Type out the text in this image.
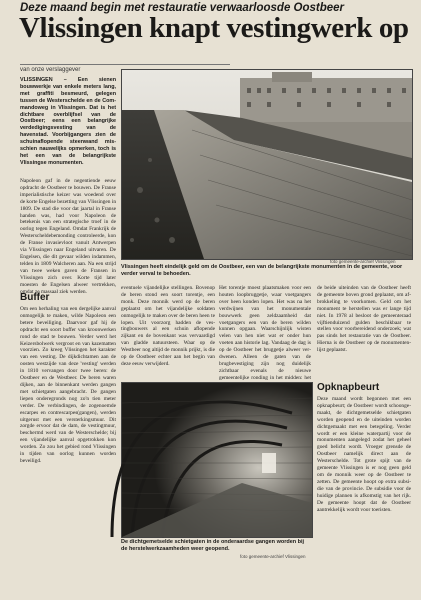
Deze maand begin met restauratie verwaarloosde Oostbeer
Vlissingen knapt vestingwerk op
van onze verslaggever
VLISSINGEN – Een sienen bouwwerkje van enkele meters lang, met graffiti besmeurd, gelegen tussen de Westerschelde en de Commandoweg in Vlissingen. Dat is het dichtbare overblijfsel van de Oostbeer; eens een belangrijke verdedigingsvesting van de havenstad. Voorbijgangers zien de schuinaflopende steenwand misschien nauwelijks opmerken, toch is het een van de belangrijkste Vlissingse monumenten.
Napoleon gaf in de negentiende eeuw opdracht de Oostbeer te bouwen. De Franse imperialistische keizer was woedend over de korte Engelse bezetting van Vlissingen in 1809. De stad die voor dat jaartal in Franse handen was, had voor Napoleon de betekenis van een strategische troef in de oorlog tegen Engeland. Omdat Frankrijk de Westerscheldebemonding controleerde, kon de Franse invasievloot vanuit Antwerpen via Vlissingen naar Engeland uitvaren. De Engelsen, die dit gevaar wilden indammen, telden in 1809 Walcheren aan. Na een strijd van twee weken gaven de Fransen in Vlissingen zich over. Korte tijd later moesten de Engelsen alweer vertrekken, omdat ze massaal ziek werden.
Buffer
Om een herhaling van een dergelijke aanval onmogelijk te maken, wilde Napoleon een betere beveiliging. Daarvoor gaf hij de opdracht een soort buffer van kroonwerken rond de stad te bouwen. Verder werd het Keizersbolwerk vergroot en van kazematten voorzien. Zo kreeg Vlissingen het karakter van een vesting. De dijkdichtamen aan de oosten westzijde van deze 'vesting' werden in 1810 vervangen door twee beren: de Oostbeer en de Westbeer. De beren waren dijken, aan de binnenkant werden gangen met schietgaten aangebracht. De gangen liepen onderegronds nog zo'n tien meter verder. De verbindingen, de zogenoemde escarpes en contrescarpes(gangen), werden uitgerust met een versterkingsmuur. Dit zorgde ervoor dat de dam, de vestingmuur, beschermd werd van de Westerschelde; bij een vijandelijke aanval opgetrokken kon worden. Zo zou het gebied rond Vlissingen in tijden van oorlog kunnen worden beveiligd.
foto gemeente-archief Vlissingen
Vlissingen heeft eindelijk geld om de Oostbeer, een van de belangrijkste monumenten in de gemeente, voor verder verval te behoeden.
eventuele vijandelijke stellingen. Bovenop de beren stond een soort torentje, een monk. Deze monnik werd op de beren geplaatst om het vijandelijke soldaten onmogelijk te maken over de beren heen te lopen. Uit voorzorg hadden de vestingbouwers al een schuin aflopende zijkant en de bovenkant was vervaardigd van gladde natuursteen. Waar op de Westbeer nog altijd de monnik prijkt, is die op de Oostbeer echter aan het begin van deze eeuw verwijderd.
Het torentje moest plaatsmaken voor een houten loopbruggetje, waar voetgangers over heen konden lopen. Het was na het verdwijnen van het monumentale bouwwerk geen zeldzaamheid dat voetgangers een van de beren wilden kunnen opgaan. Waarschijnlijk wisten velen van hen niet wat er onder hun voeten aan historie lag. Vandaag de dag is op de Oostbeer het bruggetje alweer verdwenen. Alleen de gaten van de brugbevestiging zijn nog duidelijk zichtbaar evenals de nieuwe gemeentelijke ronding in het midden: het
De dichtgemetselde schietgaten in de onderaardse gangen worden bij de herstelwerkzaamheden weer geopend.
foto gemeente-archief Vlissingen
de beide uiteinden van de Oostbeer heeft de gemeente boven grond geplaatst, om afbrokkeling te voorkomen. Geld om het monument te herstellen was er lange tijd niet. In 1978 al besloot de gemeenteraad vijftienduizend gulden beschikbaar te stellen voor voorbereidend onderzoek; wat pas sinds het restauratie van de Oostbeer. Hierna is de Oostbeer op de monumentenlijst geplaatst.
Opknapbeurt
Deze maand wordt begonnen met een opknapbeurt; de Oostbeer wordt schoongemaakt, de dichtgemetselde schietgaten worden geopend en de uiteinden worden dichtgemaakt met een betegeling. Verder wordt er een kleine waterpartij voor de monumenten aangelegd zodat het geheel goed belicht wordt. Vroeger grensde de Oostbeer namelijk direct aan de Westerschelde. Tot grote spijt van de gemeente Vlissingen is er nog geen geld om de monnik weer op de Oostbeer te zetten. De gemeente hoopt op extra subsidie van de provincie. De subsidie voor de huidige plannen is afkomstig van het rijk. De gemeente hoopt dat de Oostbeer aantrekkelijk wordt voor toeristen.
